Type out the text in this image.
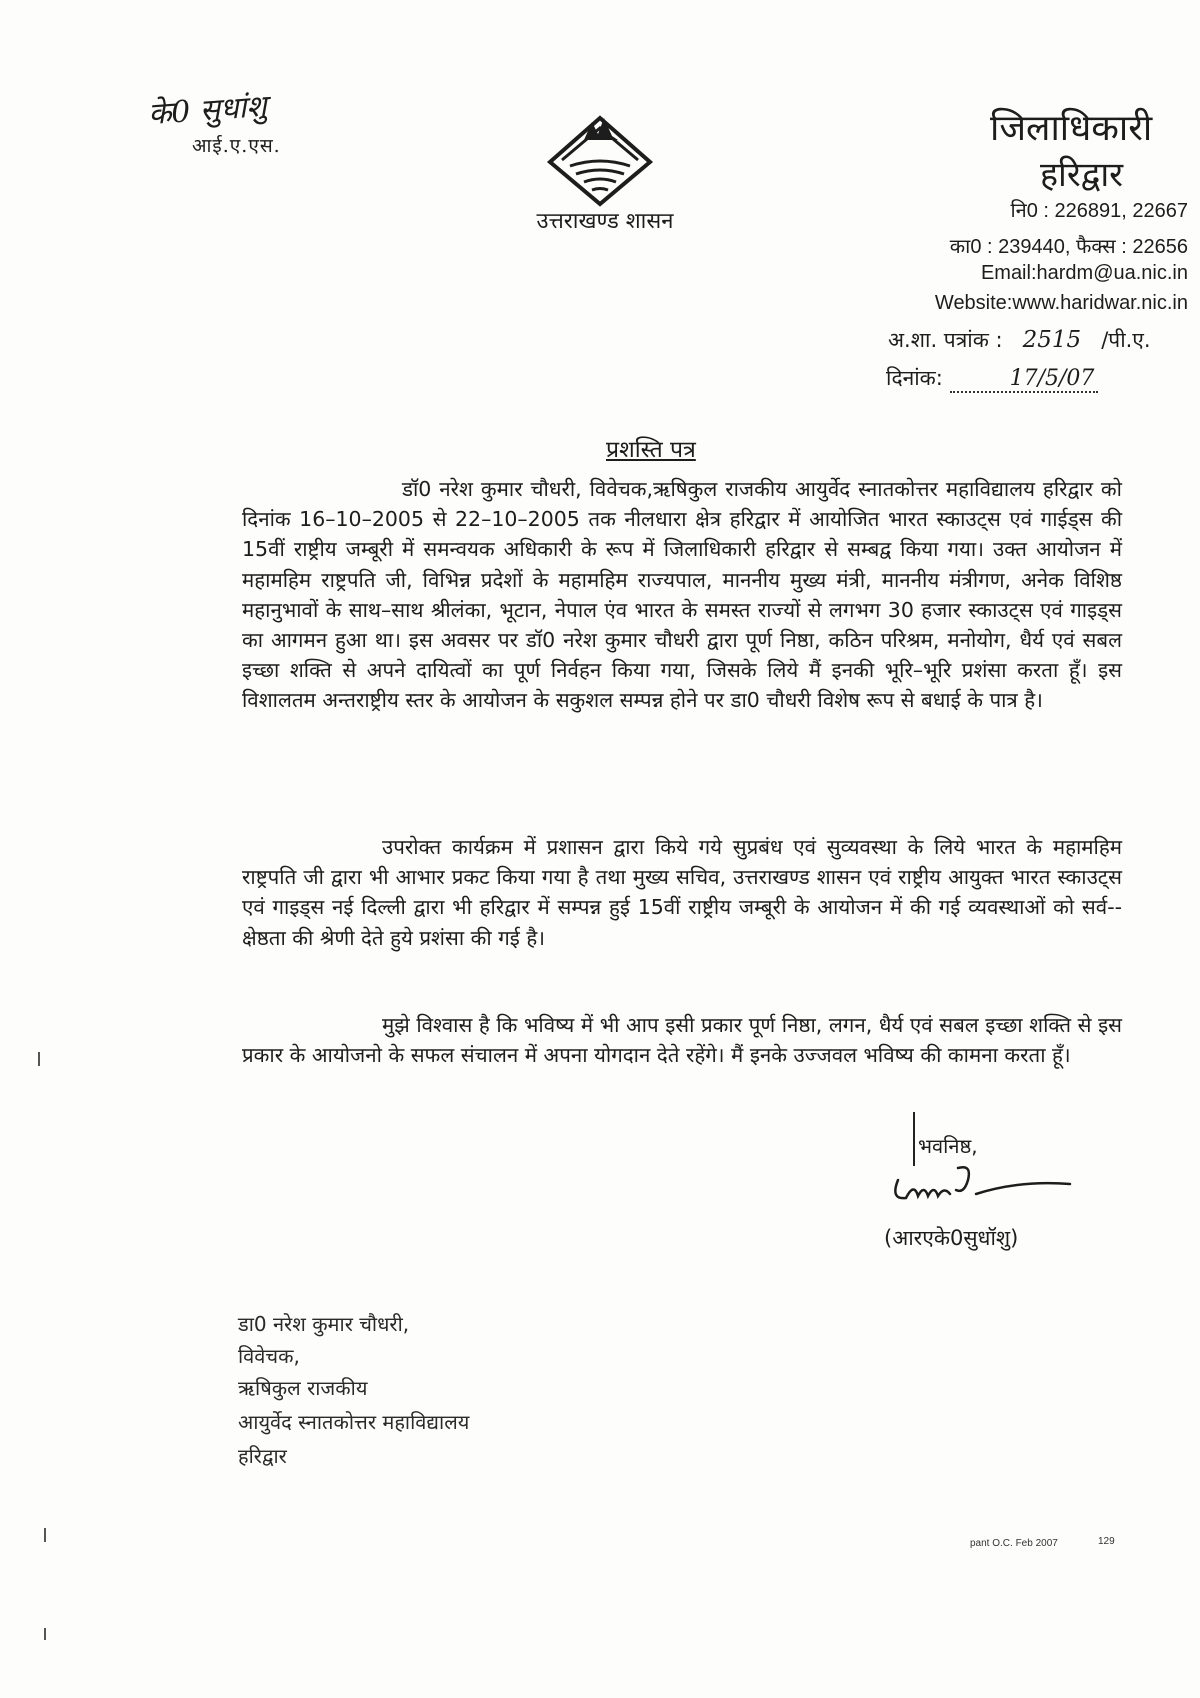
के0 सुधांशु
आई.ए.एस.
उत्तराखण्ड शासन
जिलाधिकारी
हरिद्वार
नि0 : 226891, 22667
का0 : 239440, फैक्स : 22656
Email:hardm@ua.nic.in
Website:www.haridwar.nic.in
अ.शा. पत्रांक : 2515 /पी.ए.
दिनांक:	17/5/07
प्रशस्ति पत्र
डॉ0 नरेश कुमार चौधरी, विवेचक,ऋषिकुल राजकीय आयुर्वेद स्नातकोत्तर महाविद्यालय हरिद्वार को दिनांक 16–10–2005 से 22–10–2005 तक नीलधारा क्षेत्र हरिद्वार में आयोजित भारत स्काउट्स एवं गाईड्स की 15वीं राष्ट्रीय जम्बूरी में समन्वयक अधिकारी के रूप में जिलाधिकारी हरिद्वार से सम्बद्व किया गया। उक्त आयोजन में महामहिम राष्ट्रपति जी, विभिन्न प्रदेशों के महामहिम राज्यपाल, माननीय मुख्य मंत्री, माननीय मंत्रीगण, अनेक विशिष्ठ महानुभावों के साथ–साथ श्रीलंका, भूटान, नेपाल एंव भारत के समस्त राज्यों से लगभग 30 हजार स्काउट्स एवं गाइड्स का आगमन हुआ था। इस अवसर पर डॉ0 नरेश कुमार चौधरी द्वारा पूर्ण निष्ठा, कठिन परिश्रम, मनोयोग, धैर्य एवं सबल इच्छा शक्ति से अपने दायित्वों का पूर्ण निर्वहन किया गया, जिसके लिये मैं इनकी भूरि–भूरि प्रशंसा करता हूँ। इस विशालतम अन्तराष्ट्रीय स्तर के आयोजन के सकुशल सम्पन्न होने पर डा0 चौधरी विशेष रूप से बधाई के पात्र है।
उपरोक्त कार्यक्रम में प्रशासन द्वारा किये गये सुप्रबंध एवं सुव्यवस्था के लिये भारत के महामहिम राष्ट्रपति जी द्वारा भी आभार प्रकट किया गया है तथा मुख्य सचिव, उत्तराखण्ड शासन एवं राष्ट्रीय आयुक्त भारत स्काउट्स एवं गाइड्स नई दिल्ली द्वारा भी हरिद्वार में सम्पन्न हुई 15वीं राष्ट्रीय जम्बूरी के आयोजन में की गई व्यवस्थाओं को सर्व--क्षेष्ठता की श्रेणी देते हुये प्रशंसा की गई है।
मुझे विश्वास है कि भविष्य में भी आप इसी प्रकार पूर्ण निष्ठा, लगन, धैर्य एवं सबल इच्छा शक्ति से इस प्रकार के आयोजनो के सफल संचालन में अपना योगदान देते रहेंगे। मैं इनके उज्जवल भविष्य की कामना करता हूँ।
भवनिष्ठ,
(आरएके0सुधॉशु)
डा0 नरेश कुमार चौधरी,
विवेचक,
ऋषिकुल राजकीय
आयुर्वेद स्नातकोत्तर महाविद्यालय
हरिद्वार
pant O.C. Feb 2007	129
